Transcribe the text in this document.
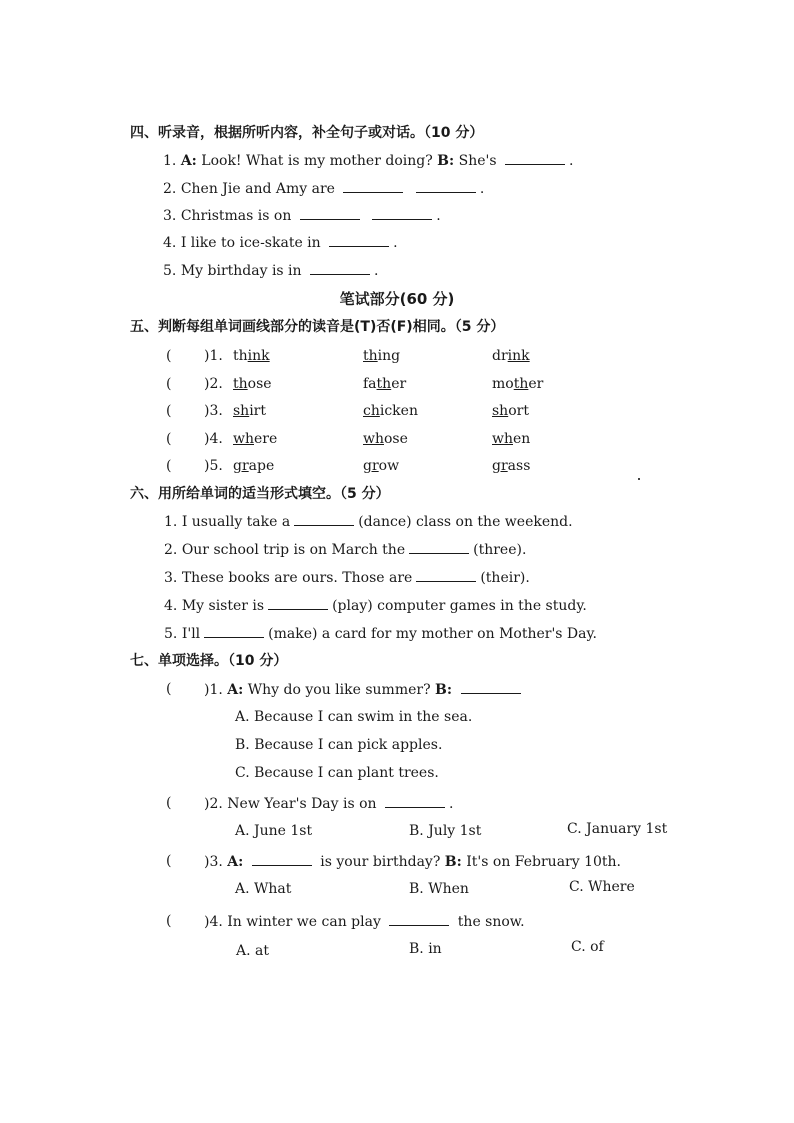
四、听录音，根据所听内容，补全句子或对话。（10 分）
1. A: Look! What is my mother doing? B: She's	.
2. Chen Jie and Amy are	.
3. Christmas is on	.
4. I like to ice-skate in	.
5. My birthday is in	.
笔试部分(60 分)
五、判断每组单词画线部分的读音是(T)否(F)相同。（5 分）
( )1. think	thing	drink
( )2. those	father	mother
( )3. shirt	chicken	short
( )4. where	whose	when
( )5. grape	grow	grass
六、用所给单词的适当形式填空。（5 分）
1. I usually take a	(dance) class on the weekend.
2. Our school trip is on March the	(three).
3. These books are ours. Those are	(their).
4. My sister is	(play) computer games in the study.
5. I'll	(make) a card for my mother on Mother's Day.
七、单项选择。（10 分）
( )1. A: Why do you like summer? B:
A. Because I can swim in the sea.
B. Because I can pick apples.
C. Because I can plant trees.
( )2. New Year's Day is on	.
A. June 1st	B. July 1st	C. January 1st
( )3. A:	is your birthday? B: It's on February 10th.
A. What	B. When	C. Where
( )4. In winter we can play	the snow.
A. at	B. in	C. of
